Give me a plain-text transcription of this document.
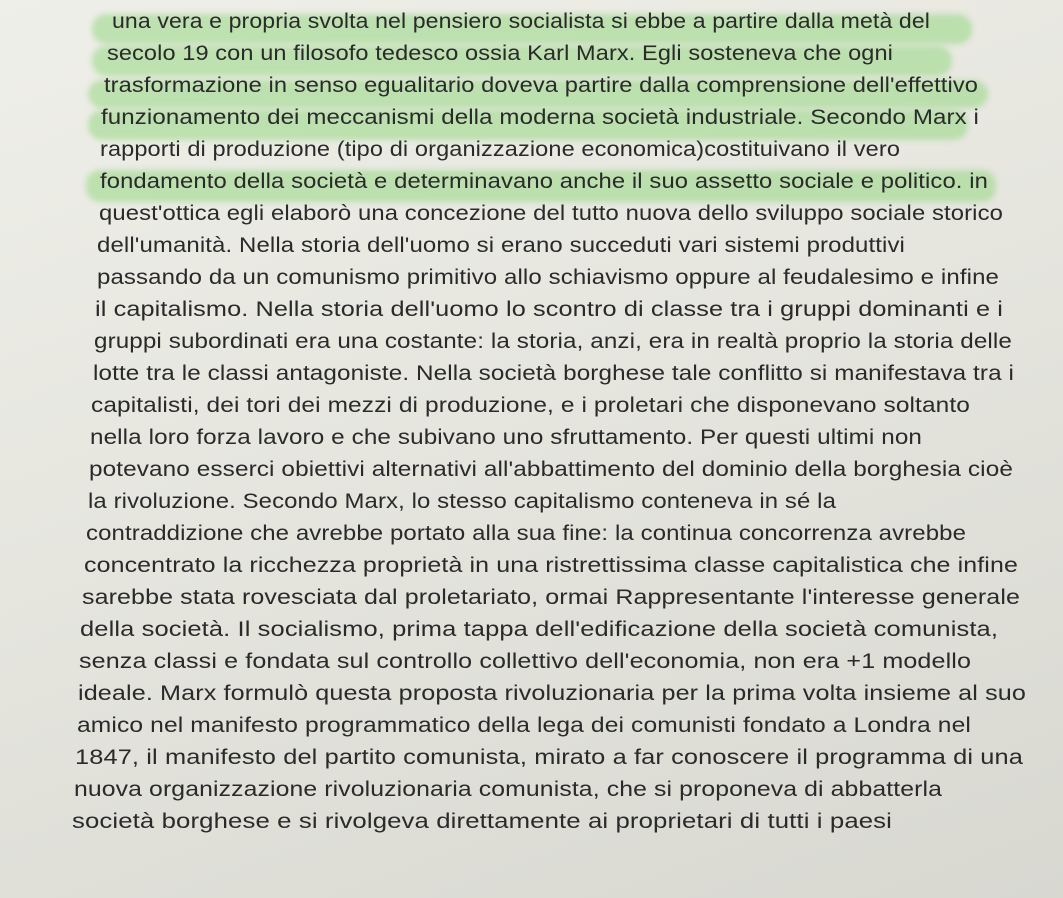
una vera e propria svolta nel pensiero socialista si ebbe a partire dalla metà del
secolo 19 con un filosofo tedesco ossia Karl Marx. Egli sosteneva che ogni
trasformazione in senso egualitario doveva partire dalla comprensione dell'effettivo
funzionamento dei meccanismi della moderna società industriale. Secondo Marx i
rapporti di produzione (tipo di organizzazione economica)costituivano il vero
fondamento della società e determinavano anche il suo assetto sociale e politico. in
quest'ottica egli elaborò una concezione del tutto nuova dello sviluppo sociale storico
dell'umanità. Nella storia dell'uomo si erano succeduti vari sistemi produttivi
passando da un comunismo primitivo allo schiavismo oppure al feudalesimo e infine
il capitalismo. Nella storia dell'uomo lo scontro di classe tra i gruppi dominanti e i
gruppi subordinati era una costante: la storia, anzi, era in realtà proprio la storia delle
lotte tra le classi antagoniste. Nella società borghese tale conflitto si manifestava tra i
capitalisti, dei tori dei mezzi di produzione, e i proletari che disponevano soltanto
nella loro forza lavoro e che subivano uno sfruttamento. Per questi ultimi non
potevano esserci obiettivi alternativi all'abbattimento del dominio della borghesia cioè
la rivoluzione. Secondo Marx, lo stesso capitalismo conteneva in sé la
contraddizione che avrebbe portato alla sua fine: la continua concorrenza avrebbe
concentrato la ricchezza proprietà in una ristrettissima classe capitalistica che infine
sarebbe stata rovesciata dal proletariato, ormai Rappresentante l'interesse generale
della società. Il socialismo, prima tappa dell'edificazione della società comunista,
senza classi e fondata sul controllo collettivo dell'economia, non era +1 modello
ideale. Marx formulò questa proposta rivoluzionaria per la prima volta insieme al suo
amico nel manifesto programmatico della lega dei comunisti fondato a Londra nel
1847, il manifesto del partito comunista, mirato a far conoscere il programma di una
nuova organizzazione rivoluzionaria comunista, che si proponeva di abbatterla
società borghese e si rivolgeva direttamente ai proprietari di tutti i paesi
